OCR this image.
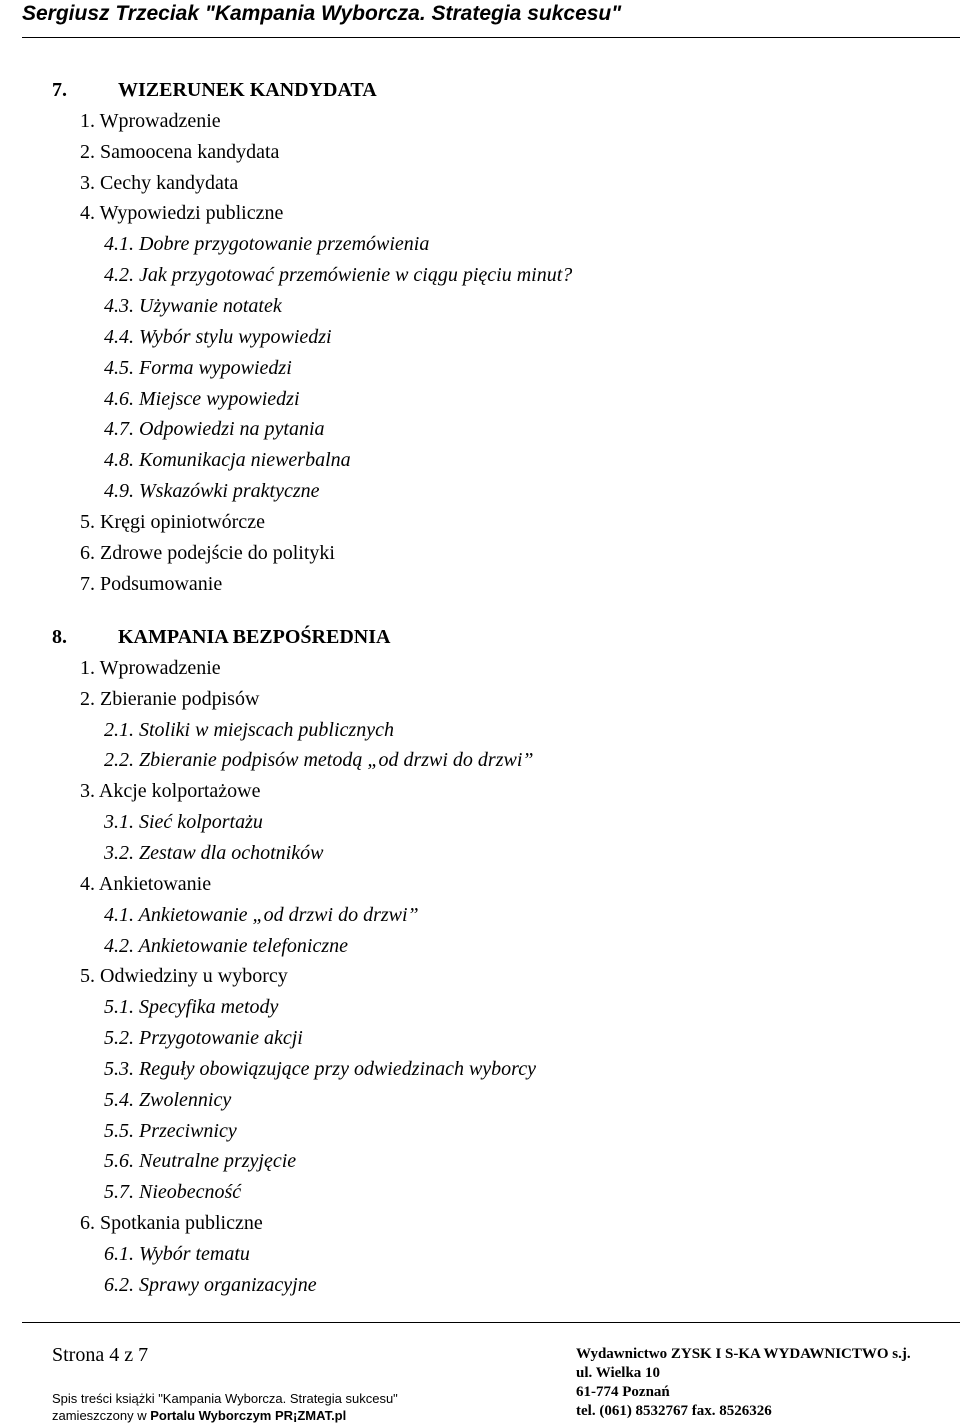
Sergiusz Trzeciak "Kampania Wyborcza. Strategia sukcesu"
7.	WIZERUNEK KANDYDATA
1. Wprowadzenie
2. Samoocena kandydata
3. Cechy kandydata
4. Wypowiedzi publiczne
4.1. Dobre przygotowanie przemówienia
4.2. Jak przygotować przemówienie w ciągu pięciu minut?
4.3. Używanie notatek
4.4. Wybór stylu wypowiedzi
4.5. Forma wypowiedzi
4.6. Miejsce wypowiedzi
4.7. Odpowiedzi na pytania
4.8. Komunikacja niewerbalna
4.9. Wskazówki praktyczne
5. Kręgi opiniotwórcze
6. Zdrowe podejście do polityki
7. Podsumowanie
8.	KAMPANIA BEZPOŚREDNIA
1. Wprowadzenie
2. Zbieranie podpisów
2.1. Stoliki w miejscach publicznych
2.2. Zbieranie podpisów metodą „od drzwi do drzwi”
3. Akcje kolportażowe
3.1. Sieć kolportażu
3.2. Zestaw dla ochotników
4. Ankietowanie
4.1. Ankietowanie „od drzwi do drzwi”
4.2. Ankietowanie telefoniczne
5. Odwiedziny u wyborcy
5.1. Specyfika metody
5.2. Przygotowanie akcji
5.3. Reguły obowiązujące przy odwiedzinach wyborcy
5.4. Zwolennicy
5.5. Przeciwnicy
5.6. Neutralne przyjęcie
5.7. Nieobecność
6. Spotkania publiczne
6.1. Wybór tematu
6.2. Sprawy organizacyjne
Strona 4 z 7
Spis treści książki "Kampania Wyborcza. Strategia sukcesu"
zamieszczony w Portalu Wyborczym PR¡ZMAT.pl
Wydawnictwo ZYSK I S-KA WYDAWNICTWO s.j.
ul. Wielka 10
61-774 Poznań
tel. (061) 8532767 fax. 8526326
